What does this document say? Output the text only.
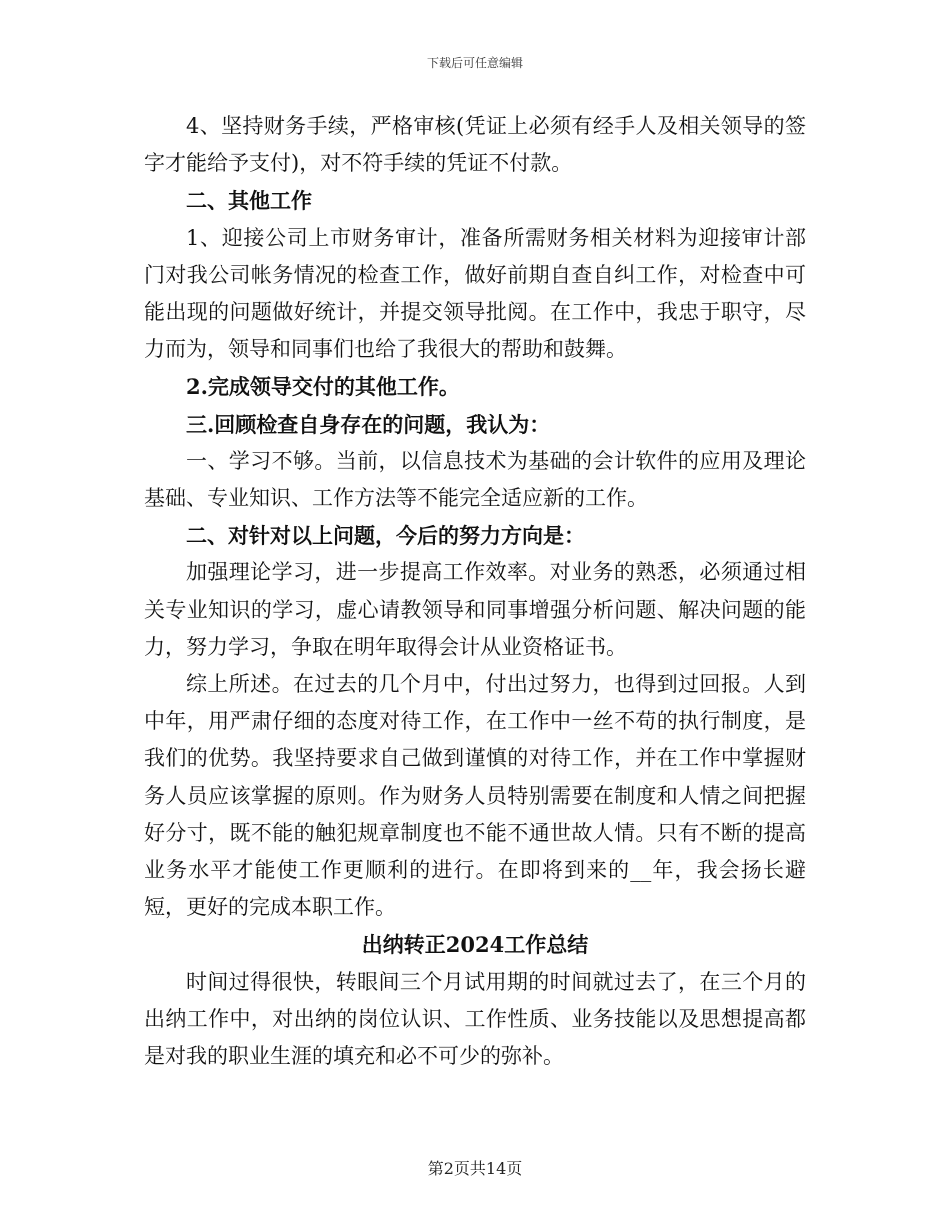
下载后可任意编辑

4、坚持财务手续，严格审核(凭证上必须有经手人及相关领导的签字才能给予支付)，对不符手续的凭证不付款。

二、其他工作

1、迎接公司上市财务审计，准备所需财务相关材料为迎接审计部门对我公司帐务情况的检查工作，做好前期自查自纠工作，对检查中可能出现的问题做好统计，并提交领导批阅。在工作中，我忠于职守，尽力而为，领导和同事们也给了我很大的帮助和鼓舞。

2.完成领导交付的其他工作。

三.回顾检查自身存在的问题，我认为：

一、学习不够。当前，以信息技术为基础的会计软件的应用及理论基础、专业知识、工作方法等不能完全适应新的工作。

二、对针对以上问题，今后的努力方向是：

加强理论学习，进一步提高工作效率。对业务的熟悉，必须通过相关专业知识的学习，虚心请教领导和同事增强分析问题、解决问题的能力，努力学习，争取在明年取得会计从业资格证书。

综上所述。在过去的几个月中，付出过努力，也得到过回报。人到中年，用严肃仔细的态度对待工作，在工作中一丝不苟的执行制度，是我们的优势。我坚持要求自己做到谨慎的对待工作，并在工作中掌握财务人员应该掌握的原则。作为财务人员特别需要在制度和人情之间把握好分寸，既不能的触犯规章制度也不能不通世故人情。只有不断的提高业务水平才能使工作更顺利的进行。在即将到来的__年，我会扬长避短，更好的完成本职工作。

出纳转正2024工作总结

时间过得很快，转眼间三个月试用期的时间就过去了，在三个月的出纳工作中，对出纳的岗位认识、工作性质、业务技能以及思想提高都是对我的职业生涯的填充和必不可少的弥补。

第2页共14页
